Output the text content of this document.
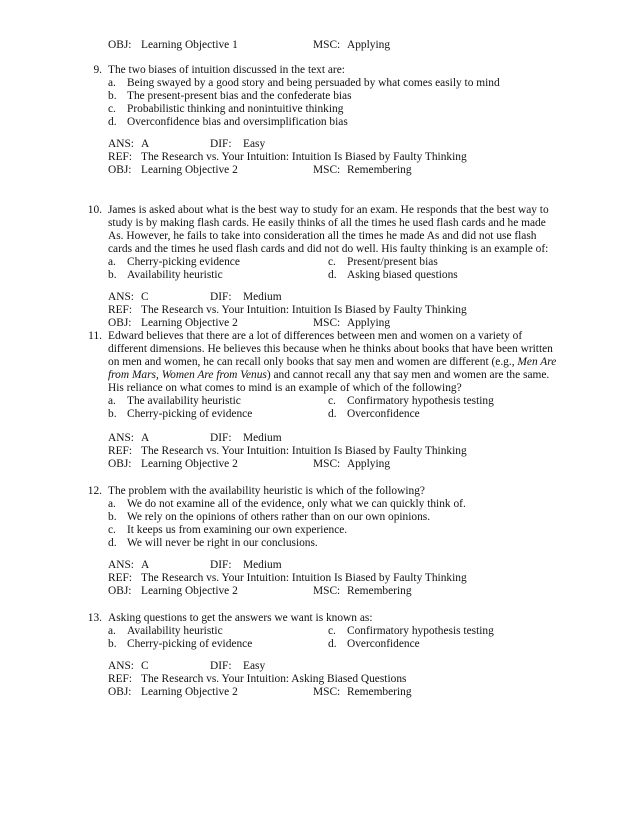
OBJ: Learning Objective 1	MSC: Applying
9. The two biases of intuition discussed in the text are:
a. Being swayed by a good story and being persuaded by what comes easily to mind
b. The present-present bias and the confederate bias
c. Probabilistic thinking and nonintuitive thinking
d. Overconfidence bias and oversimplification bias
ANS: A	DIF: Easy
REF: The Research vs. Your Intuition: Intuition Is Biased by Faulty Thinking
OBJ: Learning Objective 2	MSC: Remembering
10. James is asked about what is the best way to study for an exam. He responds that the best way to
study is by making flash cards. He easily thinks of all the times he used flash cards and he made
As. However, he fails to take into consideration all the times he made As and did not use flash
cards and the times he used flash cards and did not do well. His faulty thinking is an example of:
a. Cherry-picking evidence	c. Present/present bias
b. Availability heuristic	d. Asking biased questions
ANS: C	DIF: Medium
REF: The Research vs. Your Intuition: Intuition Is Biased by Faulty Thinking
OBJ: Learning Objective 2	MSC: Applying
11. Edward believes that there are a lot of differences between men and women on a variety of
different dimensions. He believes this because when he thinks about books that have been written
on men and women, he can recall only books that say men and women are different (e.g., Men Are
from Mars, Women Are from Venus) and cannot recall any that say men and women are the same.
His reliance on what comes to mind is an example of which of the following?
a. The availability heuristic	c. Confirmatory hypothesis testing
b. Cherry-picking of evidence	d. Overconfidence
ANS: A	DIF: Medium
REF: The Research vs. Your Intuition: Intuition Is Biased by Faulty Thinking
OBJ: Learning Objective 2	MSC: Applying
12. The problem with the availability heuristic is which of the following?
a. We do not examine all of the evidence, only what we can quickly think of.
b. We rely on the opinions of others rather than on our own opinions.
c. It keeps us from examining our own experience.
d. We will never be right in our conclusions.
ANS: A	DIF: Medium
REF: The Research vs. Your Intuition: Intuition Is Biased by Faulty Thinking
OBJ: Learning Objective 2	MSC: Remembering
13. Asking questions to get the answers we want is known as:
a. Availability heuristic	c. Confirmatory hypothesis testing
b. Cherry-picking of evidence	d. Overconfidence
ANS: C	DIF: Easy
REF: The Research vs. Your Intuition: Asking Biased Questions
OBJ: Learning Objective 2	MSC: Remembering
